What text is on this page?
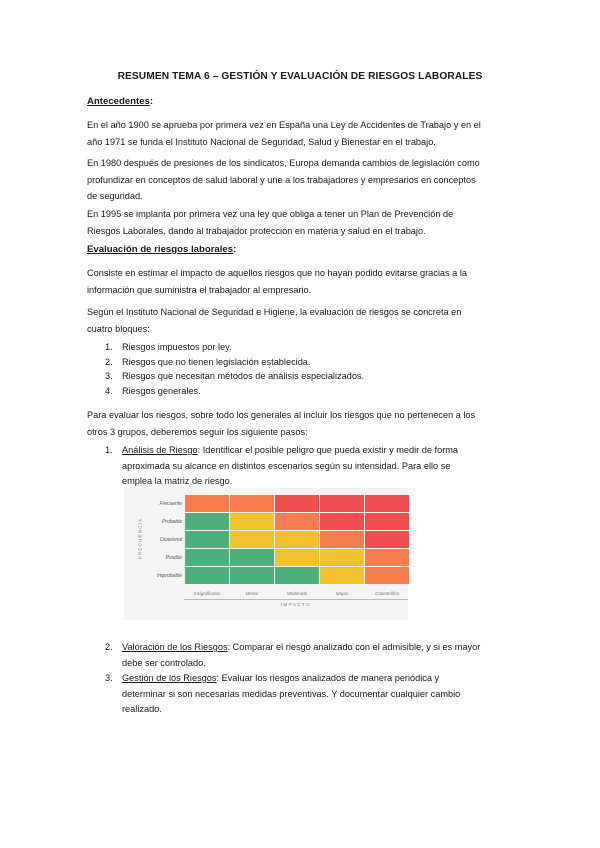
RESUMEN TEMA 6 – GESTIÓN Y EVALUACIÓN DE RIESGOS LABORALES
Antecedentes:
En el año 1900 se aprueba por primera vez en España una Ley de Accidentes de Trabajo y en el
año 1971 se funda el Instituto Nacional de Seguridad, Salud y Bienestar en el trabajo.
En 1980 después de presiones de los sindicatos, Europa demanda cambios de legislación como
profundizar en conceptos de salud laboral y une a los trabajadores y empresarios en conceptos
de seguridad.
En 1995 se implanta por primera vez una ley que obliga a tener un Plan de Prevención de
Riesgos Laborales, dando al trabajador protección en materia y salud en el trabajo.
Evaluación de riesgos laborales:
Consiste en estimar el impacto de aquellos riesgos que no hayan podido evitarse gracias a la
información que suministra el trabajador al empresario.
Según el Instituto Nacional de Seguridad e Higiene, la evaluación de riesgos se concreta en
cuatro bloques:
1. Riesgos impuestos por ley.
2. Riesgos que no tienen legislación establecida.
3. Riesgos que necesitan métodos de análisis especializados.
4. Riesgos generales.
Para evaluar los riesgos, sobre todo los generales al incluir los riesgos que no pertenecen a los
otros 3 grupos, deberemos seguir los siguiente pasos:
1.	Análisis de Riesgo: Identificar el posible peligro que pueda existir y medir de forma
aproximada su alcance en distintos escenarios según su intensidad. Para ello se
emplea la matriz de riesgo.
PRECUENCIA
Frecuente
Probable
Ocasional
Posible
Improbable
Insignificante	Menor	Moderado	Mayor	Catastrófico
IMPACTO
2.	Valoración de los Riesgos: Comparar el riesgo analizado con el admisible, y si es mayor
debe ser controlado.
3.	Gestión de los Riesgos: Evaluar los riesgos analizados de manera periódica y
determinar si son necesarias medidas preventivas. Y documentar cualquier cambio
realizado.
